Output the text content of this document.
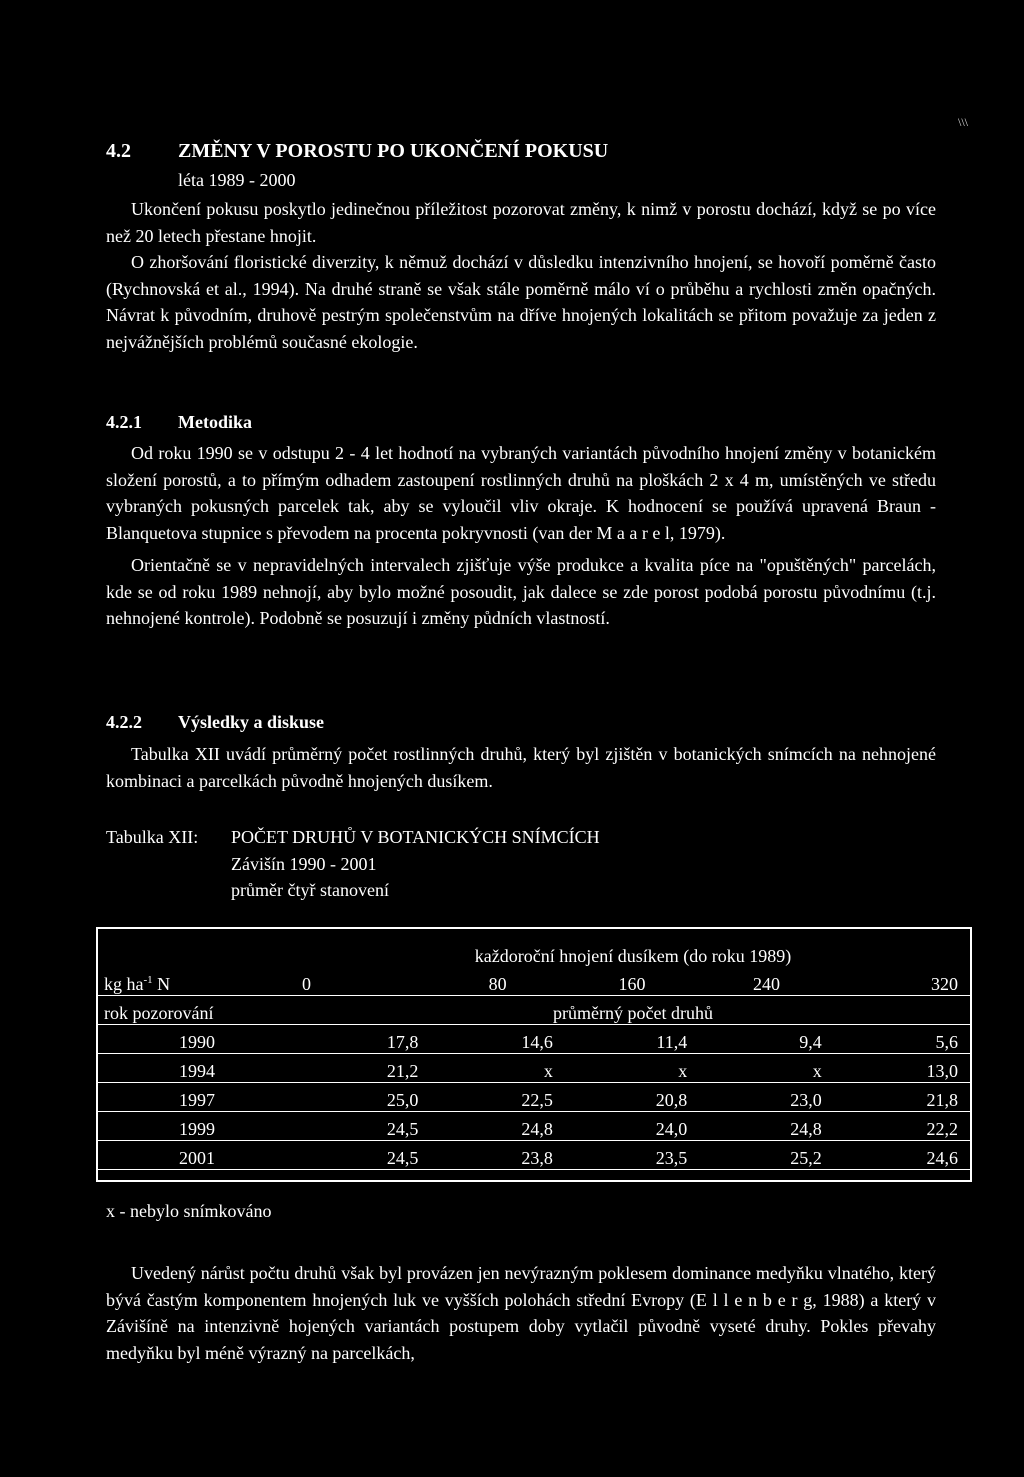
\\\
4.2 ZMĚNY V POROSTU PO UKONČENÍ POKUSU
léta 1989 - 2000

Ukončení pokusu poskytlo jedinečnou příležitost pozorovat změny, k nimž v porostu dochází, když se po více než 20 letech přestane hnojit.

O zhoršování floristické diverzity, k němuž dochází v důsledku intenzivního hnojení, se hovoří poměrně často (Rychnovská et al., 1994). Na druhé straně se však stále poměrně málo ví o průběhu a rychlosti změn opačných. Návrat k původním, druhově pestrým společenstvům na dříve hnojených lokalitách se přitom považuje za jeden z nejvážnějších problémů současné ekologie.

4.2.1 Metodika

Od roku 1990 se v odstupu 2 - 4 let hodnotí na vybraných variantách původního hnojení změny v botanickém složení porostů, a to přímým odhadem zastoupení rostlinných druhů na ploškách 2 x 4 m, umístěných ve středu vybraných pokusných parcelek tak, aby se vyloučil vliv okraje. K hodnocení se používá upravená Braun - Blanquetova stupnice s převodem na procenta pokryvnosti (van der M a a r e l, 1979).

Orientačně se v nepravidelných intervalech zjišťuje výše produkce a kvalita píce na "opuštěných" parcelách, kde se od roku 1989 nehnojí, aby bylo možné posoudit, jak dalece se zde porost podobá porostu původnímu (t.j. nehnojené kontrole). Podobně se posuzují i změny půdních vlastností.

4.2.2 Výsledky a diskuse

Tabulka XII uvádí průměrný počet rostlinných druhů, který byl zjištěn v botanických snímcích na nehnojené kombinaci a parcelkách původně hnojených dusíkem.

Tabulka XII: POČET DRUHŮ V BOTANICKÝCH SNÍMCÍCH
Závišín 1990 - 2001
průměr čtyř stanovení

	každoroční hnojení dusíkem (do roku 1989)				
kg $ha^{-1}$ N	0	80	160	240	320
rok pozorování	průměrný počet druhů				
1990	17,8	14,6	11,4	9,4	5,6
1994	21,2	x	x	x	13,0
1997	25,0	22,5	20,8	23,0	21,8
1999	24,5	24,8	24,0	24,8	22,2
2001	24,5	23,8	23,5	25,2	24,6

x - nebylo snímkováno

Uvedený nárůst počtu druhů však byl provázen jen nevýrazným poklesem dominance medyňku vlnatého, který bývá častým komponentem hnojených luk ve vyšších polohách střední Evropy (E l l e n b e r g, 1988) a který v Závišíně na intenzivně hojených variantách postupem doby vytlačil původně vyseté druhy. Pokles převahy medyňku byl méně výrazný na parcelkách,
